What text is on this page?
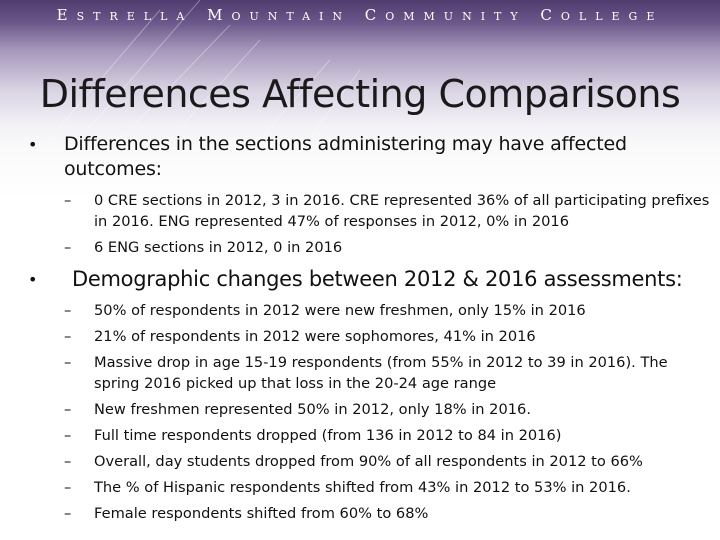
Estrella Mountain Community College
Differences Affecting Comparisons
•	Differences in the sections administering may have affected outcomes:
– 0 CRE sections in 2012, 3 in 2016. CRE represented 36% of all participating prefixes in 2016. ENG represented 47% of responses in 2012, 0% in 2016
– 6 ENG sections in 2012, 0 in 2016
•	Demographic changes between 2012 & 2016 assessments:
– 50% of respondents in 2012 were new freshmen, only 15% in 2016
– 21% of respondents in 2012 were sophomores, 41% in 2016
– Massive drop in age 15-19 respondents (from 55% in 2012 to 39 in 2016). The spring 2016 picked up that loss in the 20-24 age range
– New freshmen represented 50% in 2012, only 18% in 2016.
– Full time respondents dropped (from 136 in 2012 to 84 in 2016)
– Overall, day students dropped from 90% of all respondents in 2012 to 66%
– The % of Hispanic respondents shifted from 43% in 2012 to 53% in 2016.
– Female respondents shifted from 60% to 68%
